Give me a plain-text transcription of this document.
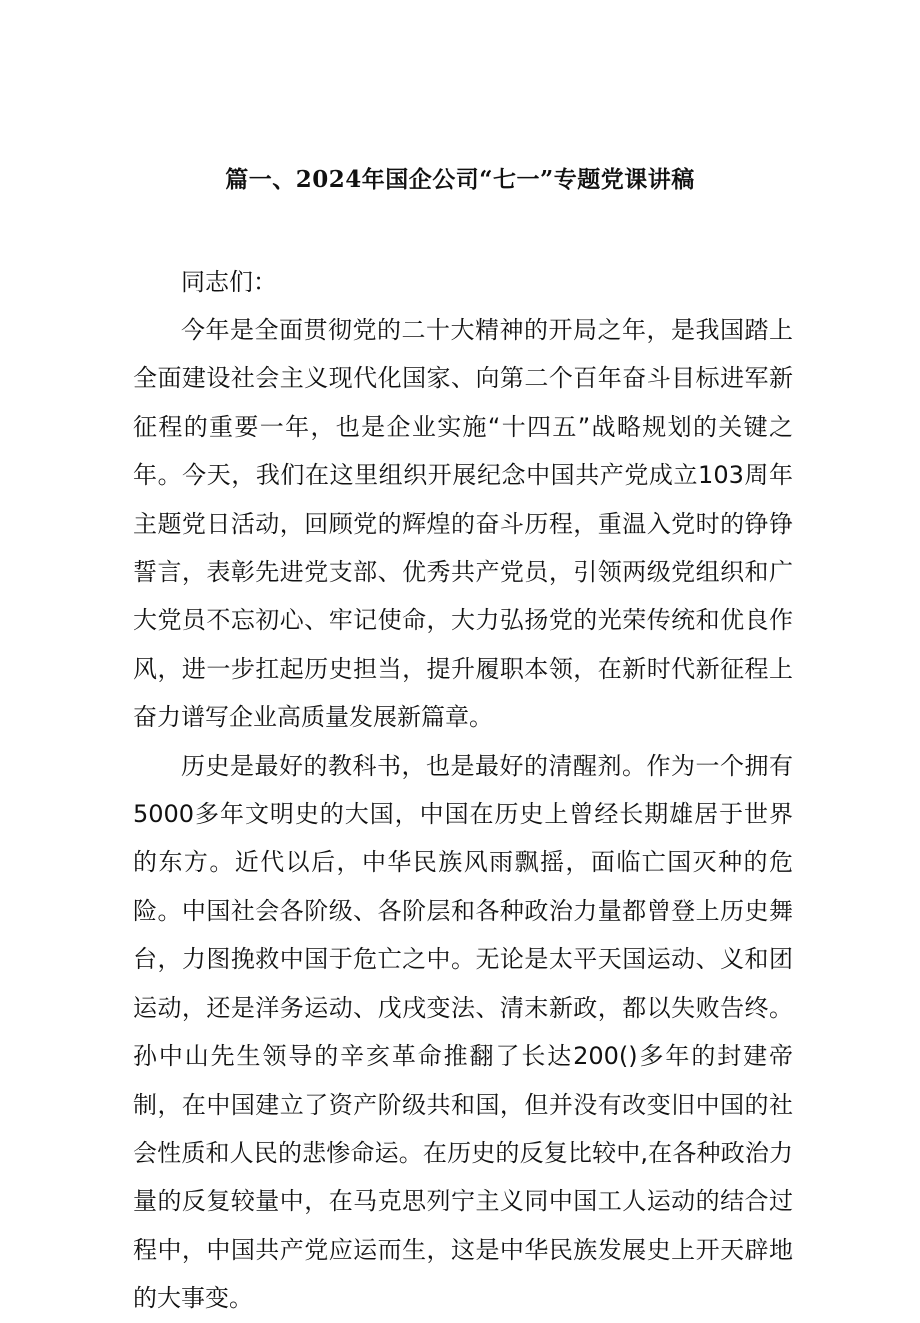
篇一、2024年国企公司“七一”专题党课讲稿

同志们：

今年是全面贯彻党的二十大精神的开局之年，是我国踏上全面建设社会主义现代化国家、向第二个百年奋斗目标进军新征程的重要一年，也是企业实施“十四五”战略规划的关键之年。今天，我们在这里组织开展纪念中国共产党成立103周年主题党日活动，回顾党的辉煌的奋斗历程，重温入党时的铮铮誓言，表彰先进党支部、优秀共产党员，引领两级党组织和广大党员不忘初心、牢记使命，大力弘扬党的光荣传统和优良作风，进一步扛起历史担当，提升履职本领，在新时代新征程上奋力谱写企业高质量发展新篇章。

历史是最好的教科书，也是最好的清醒剂。作为一个拥有5000多年文明史的大国，中国在历史上曾经长期雄居于世界的东方。近代以后，中华民族风雨飘摇，面临亡国灭种的危险。中国社会各阶级、各阶层和各种政治力量都曾登上历史舞台，力图挽救中国于危亡之中。无论是太平天国运动、义和团运动，还是洋务运动、戊戌变法、清末新政，都以失败告终。孙中山先生领导的辛亥革命推翻了长达200()多年的封建帝制，在中国建立了资产阶级共和国，但并没有改变旧中国的社会性质和人民的悲惨命运。在历史的反复比较中,在各种政治力量的反复较量中，在马克思列宁主义同中国工人运动的结合过程中，中国共产党应运而生，这是中华民族发展史上开天辟地的大事变。
